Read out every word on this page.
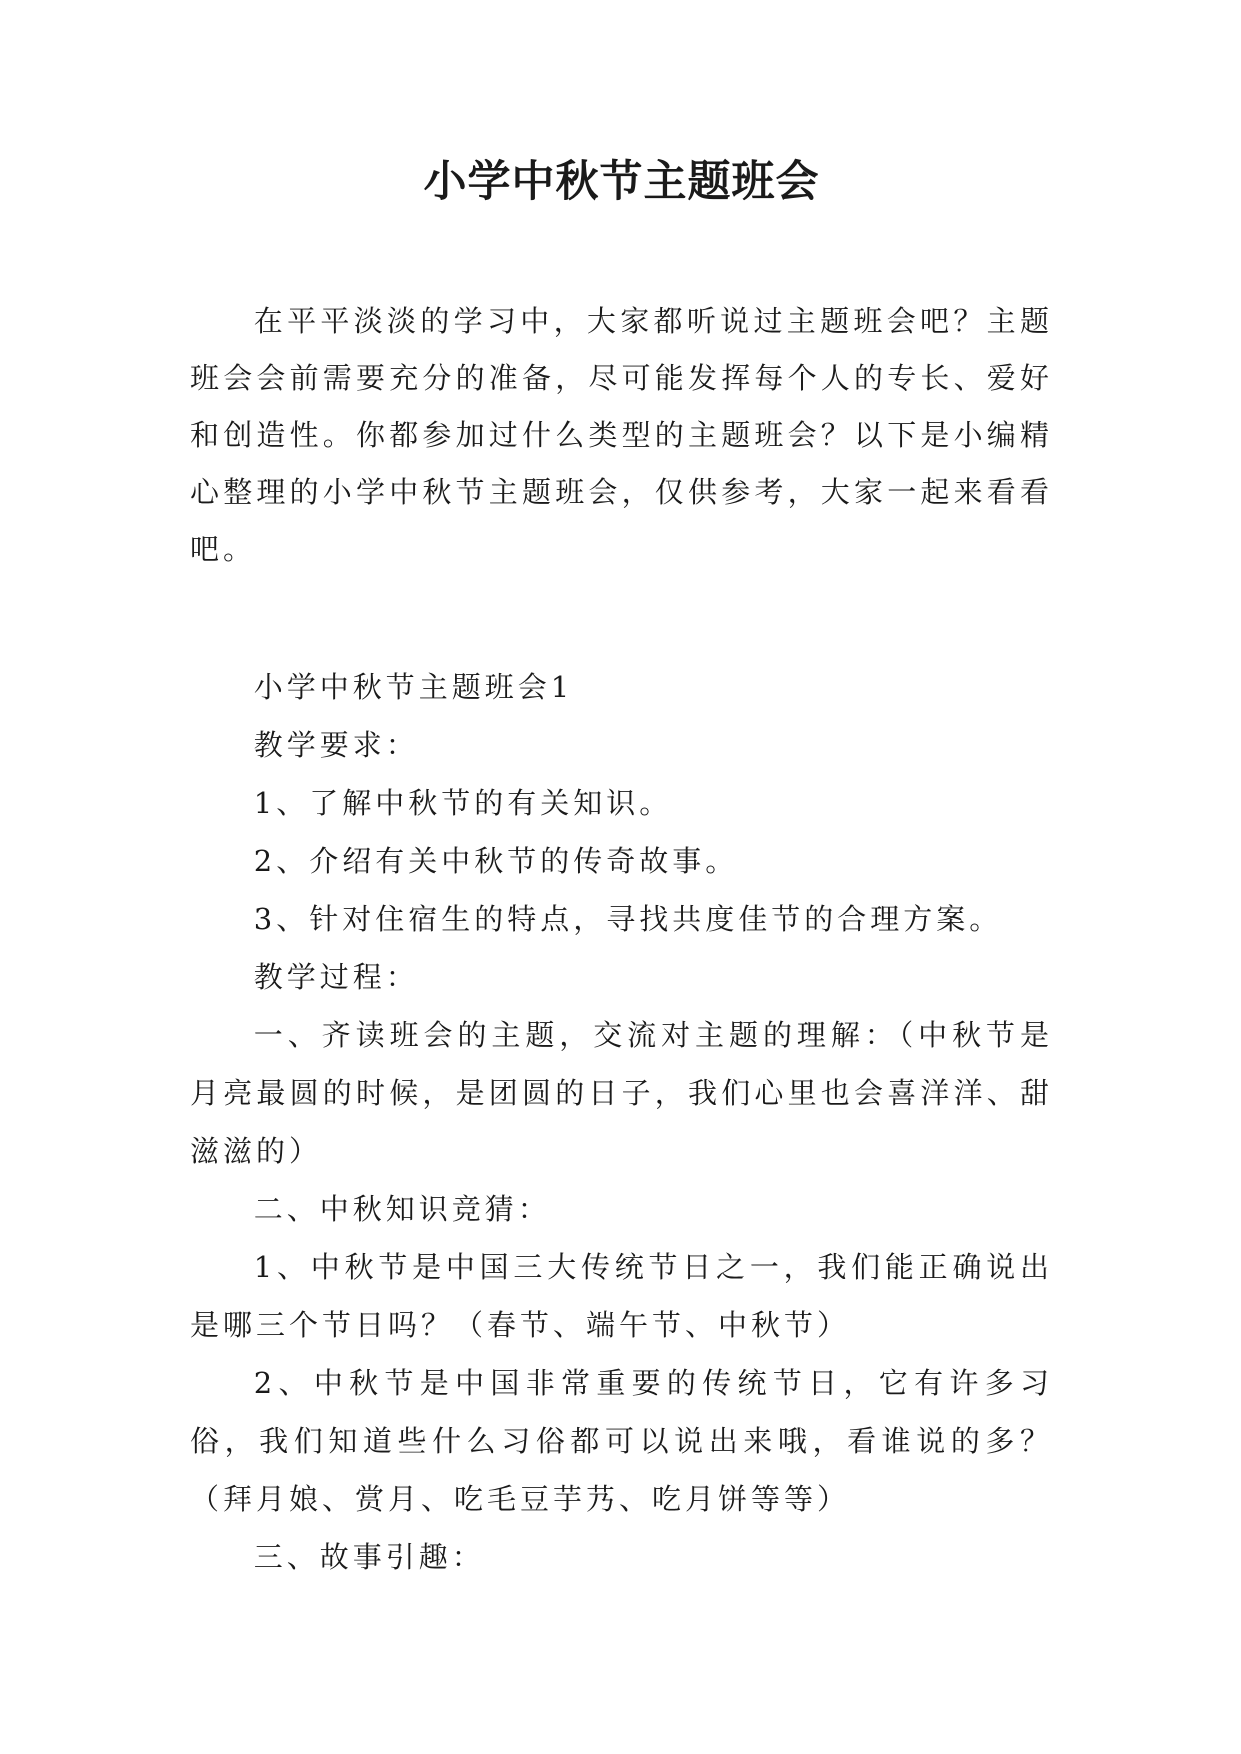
小学中秋节主题班会

在平平淡淡的学习中，大家都听说过主题班会吧？主题班会会前需要充分的准备，尽可能发挥每个人的专长、爱好和创造性。你都参加过什么类型的主题班会？以下是小编精心整理的小学中秋节主题班会，仅供参考，大家一起来看看吧。

小学中秋节主题班会1

教学要求：

1、了解中秋节的有关知识。

2、介绍有关中秋节的传奇故事。

3、针对住宿生的特点，寻找共度佳节的合理方案。

教学过程：

一、齐读班会的主题，交流对主题的理解：（中秋节是月亮最圆的时候，是团圆的日子，我们心里也会喜洋洋、甜滋滋的）

二、中秋知识竞猜：

1、中秋节是中国三大传统节日之一，我们能正确说出是哪三个节日吗？（春节、端午节、中秋节）

2、中秋节是中国非常重要的传统节日，它有许多习俗，我们知道些什么习俗都可以说出来哦，看谁说的多？（拜月娘、赏月、吃毛豆芋艿、吃月饼等等）

三、故事引趣：
